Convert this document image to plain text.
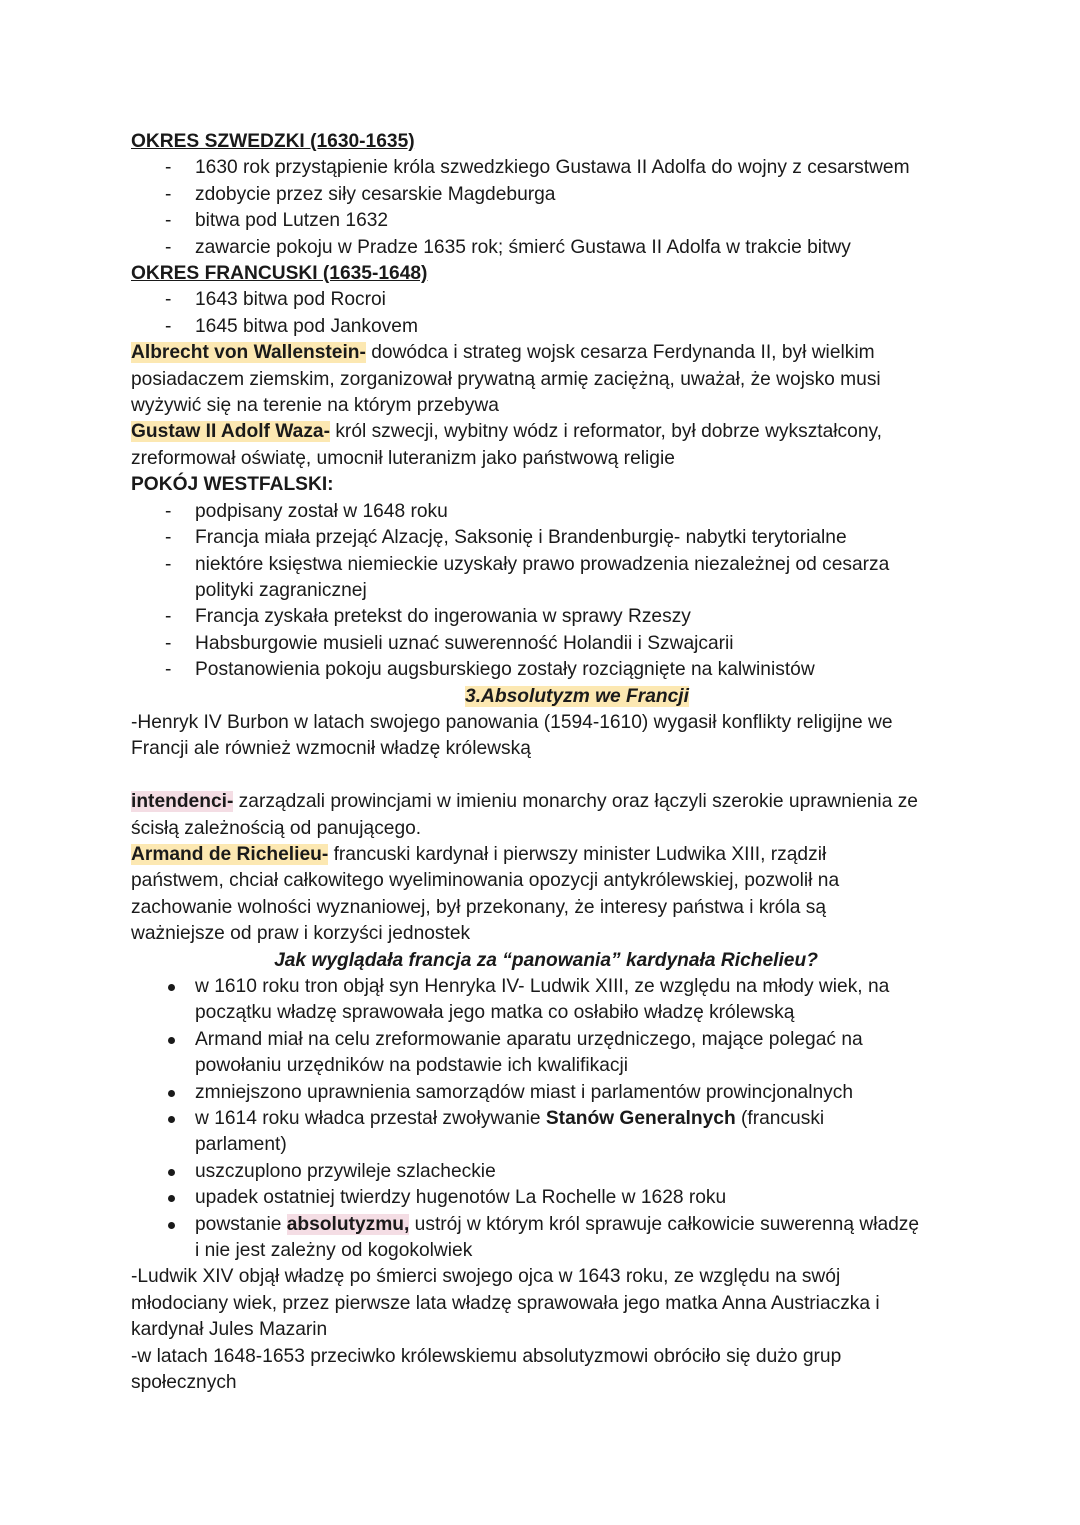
OKRES SZWEDZKI (1630-1635)
- 1630 rok przystąpienie króla szwedzkiego Gustawa II Adolfa do wojny z cesarstwem
- zdobycie przez siły cesarskie Magdeburga
- bitwa pod Lutzen 1632
- zawarcie pokoju w Pradze 1635 rok; śmierć Gustawa II Adolfa w trakcie bitwy
OKRES FRANCUSKI (1635-1648)
- 1643 bitwa pod Rocroi
- 1645 bitwa pod Jankovem
Albrecht von Wallenstein- dowódca i strateg wojsk cesarza Ferdynanda II, był wielkim
posiadaczem ziemskim, zorganizował prywatną armię zaciężną, uważał, że wojsko musi
wyżywić się na terenie na którym przebywa
Gustaw II Adolf Waza- król szwecji, wybitny wódz i reformator, był dobrze wykształcony,
zreformował oświatę, umocnił luteranizm jako państwową religie
POKÓJ WESTFALSKI:
- podpisany został w 1648 roku
- Francja miała przejąć Alzację, Saksonię i Brandenburgię- nabytki terytorialne
- niektóre księstwa niemieckie uzyskały prawo prowadzenia niezależnej od cesarza
polityki zagranicznej
- Francja zyskała pretekst do ingerowania w sprawy Rzeszy
- Habsburgowie musieli uznać suwerenność Holandii i Szwajcarii
- Postanowienia pokoju augsburskiego zostały rozciągnięte na kalwinistów
3.Absolutyzm we Francji
-Henryk IV Burbon w latach swojego panowania (1594-1610) wygasił konflikty religijne we
Francji ale również wzmocnił władzę królewską
intendenci- zarządzali prowincjami w imieniu monarchy oraz łączyli szerokie uprawnienia ze
ścisłą zależnością od panującego.
Armand de Richelieu- francuski kardynał i pierwszy minister Ludwika XIII, rządził
państwem, chciał całkowitego wyeliminowania opozycji antykrólewskiej, pozwolił na
zachowanie wolności wyznaniowej, był przekonany, że interesy państwa i króla są
ważniejsze od praw i korzyści jednostek
Jak wyglądała francja za “panowania” kardynała Richelieu?
w 1610 roku tron objął syn Henryka IV- Ludwik XIII, ze względu na młody wiek, na
początku władzę sprawowała jego matka co osłabiło władzę królewską
Armand miał na celu zreformowanie aparatu urzędniczego, mające polegać na
powołaniu urzędników na podstawie ich kwalifikacji
zmniejszono uprawnienia samorządów miast i parlamentów prowincjonalnych
w 1614 roku władca przestał zwoływanie Stanów Generalnych (francuski
parlament)
uszczuplono przywileje szlacheckie
upadek ostatniej twierdzy hugenotów La Rochelle w 1628 roku
powstanie absolutyzmu, ustrój w którym król sprawuje całkowicie suwerenną władzę
i nie jest zależny od kogokolwiek
-Ludwik XIV objął władzę po śmierci swojego ojca w 1643 roku, ze względu na swój
młodociany wiek, przez pierwsze lata władzę sprawowała jego matka Anna Austriaczka i
kardynał Jules Mazarin
-w latach 1648-1653 przeciwko królewskiemu absolutyzmowi obróciło się dużo grup
społecznych
